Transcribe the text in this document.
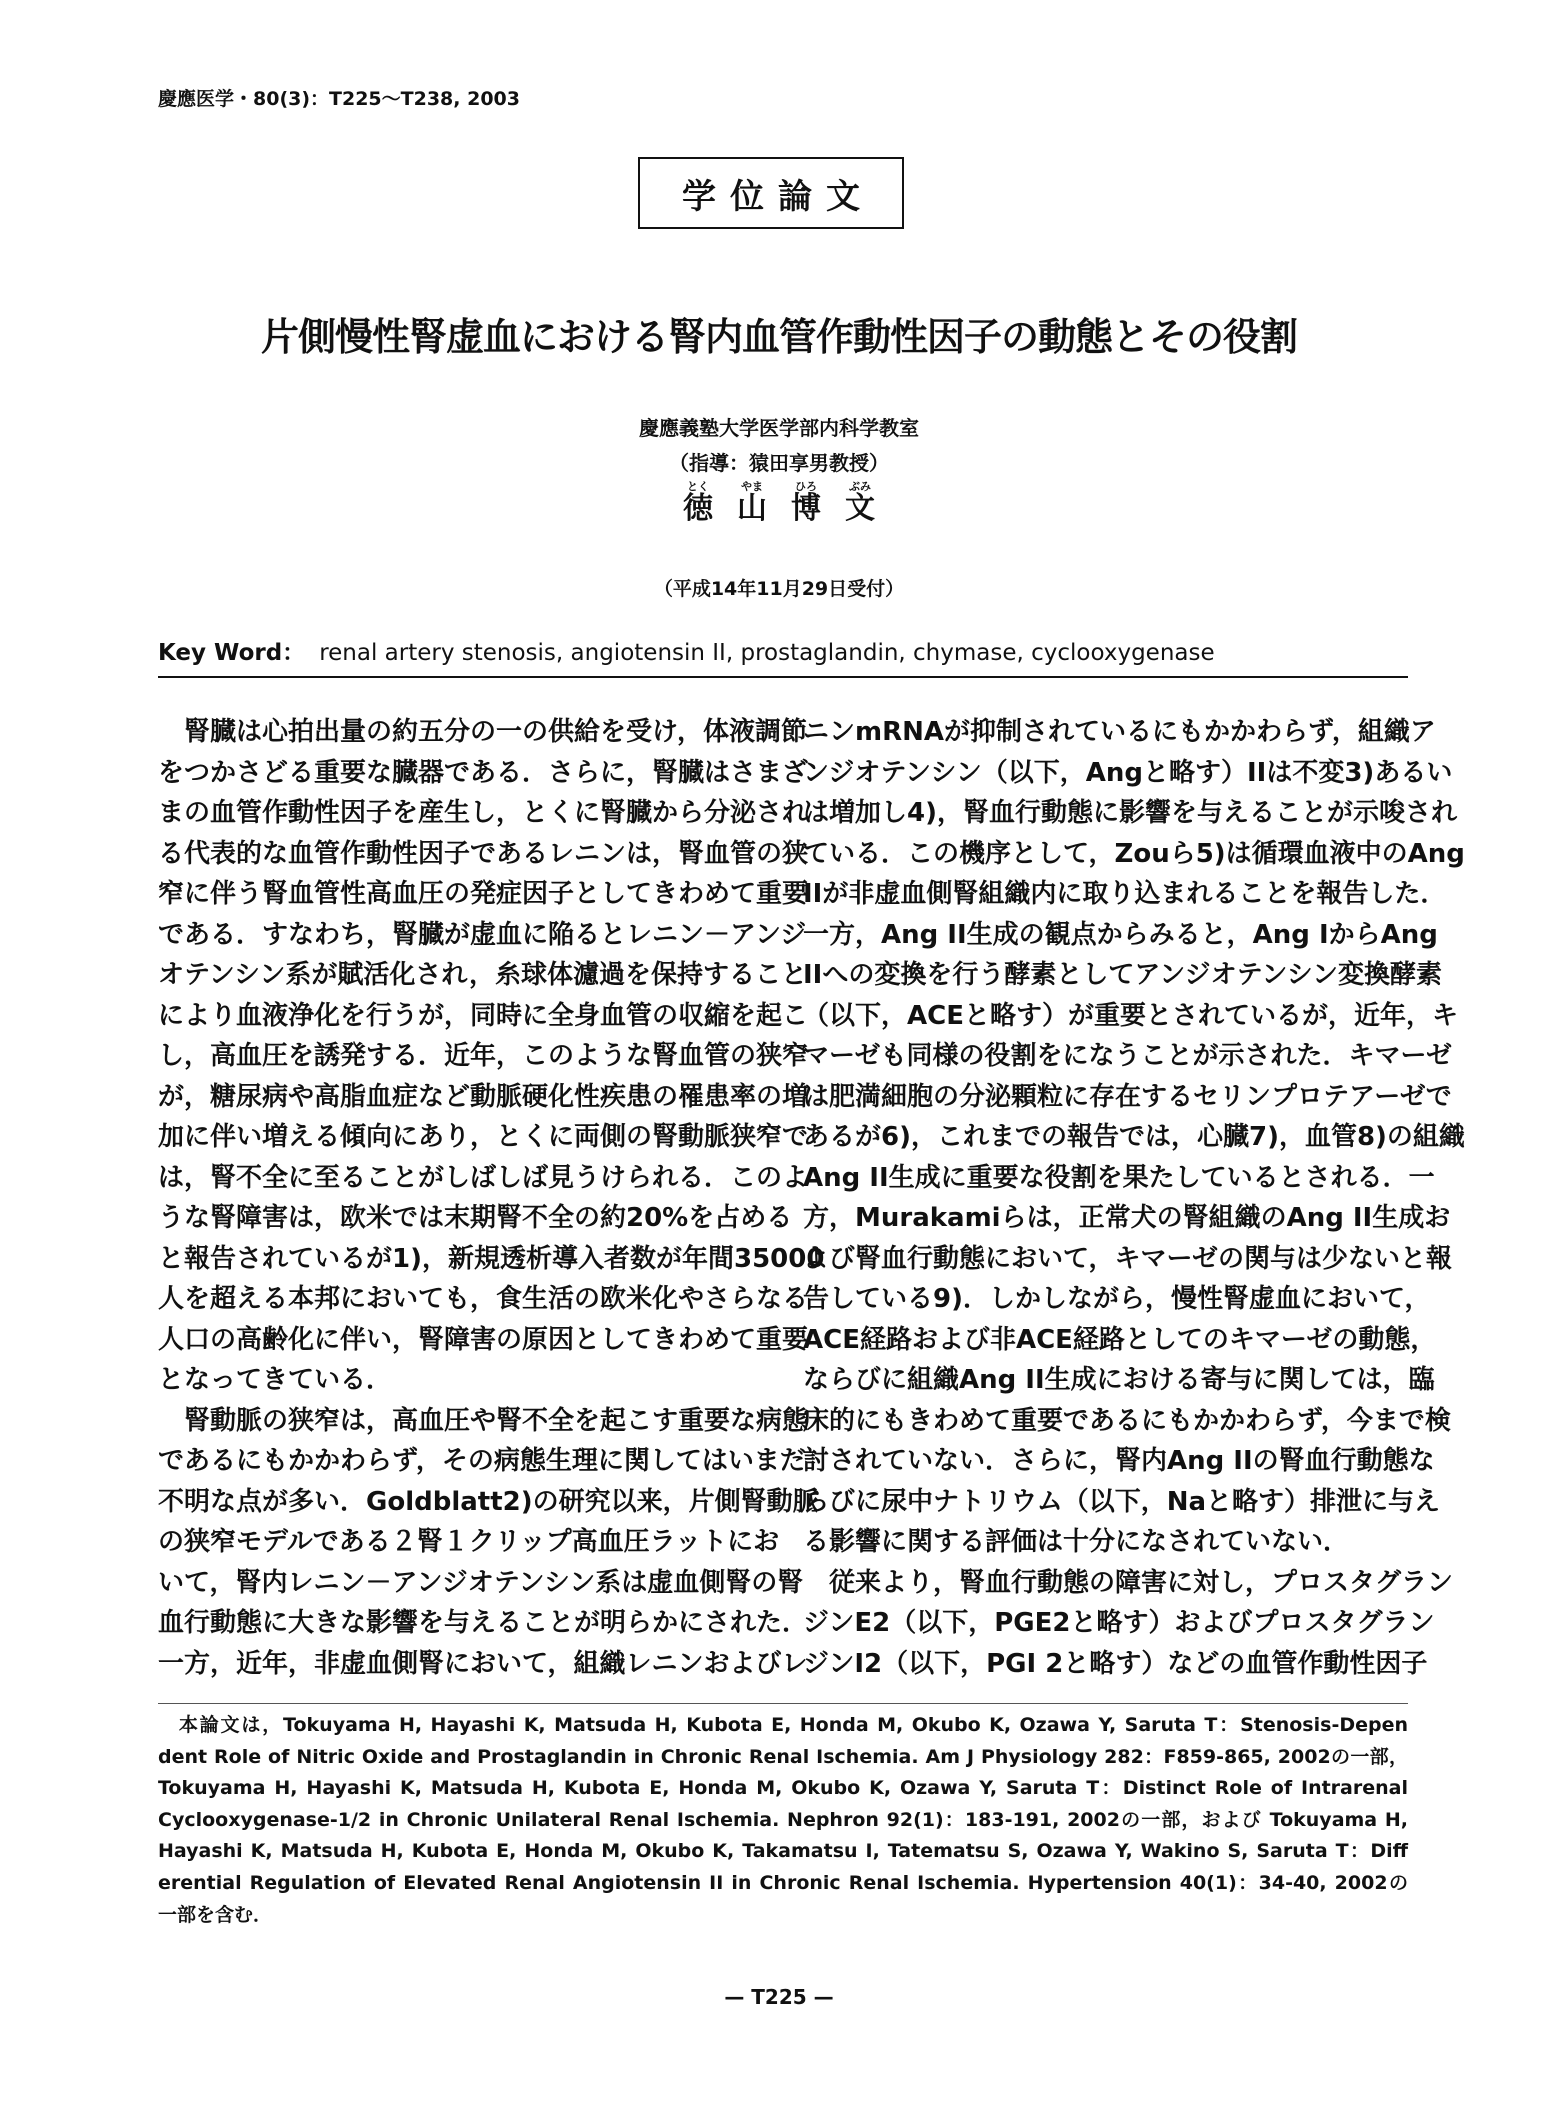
慶應医学・80(3)：T225〜T238, 2003
学位論文
片側慢性腎虚血における腎内血管作動性因子の動態とその役割
慶應義塾大学医学部内科学教室
（指導：猿田享男教授）
とく
徳
やま
山
ひろ
博
ぶみ
文
（平成14年11月29日受付）
Key Word： renal artery stenosis, angiotensin II, prostaglandin, chymase, cyclooxygenase
　腎臓は心拍出量の約五分の一の供給を受け，体液調節
をつかさどる重要な臓器である．さらに，腎臓はさまざ
まの血管作動性因子を産生し，とくに腎臓から分泌され
る代表的な血管作動性因子であるレニンは，腎血管の狭
窄に伴う腎血管性高血圧の発症因子としてきわめて重要
である．すなわち，腎臓が虚血に陥るとレニン－アンジ
オテンシン系が賦活化され，糸球体濾過を保持すること
により血液浄化を行うが，同時に全身血管の収縮を起こ
し，高血圧を誘発する．近年，このような腎血管の狭窄
が，糖尿病や高脂血症など動脈硬化性疾患の罹患率の増
加に伴い増える傾向にあり，とくに両側の腎動脈狭窄で
は，腎不全に至ることがしばしば見うけられる．このよ
うな腎障害は，欧米では末期腎不全の約20%を占める
と報告されているが1)，新規透析導入者数が年間35000
人を超える本邦においても，食生活の欧米化やさらなる
人口の高齢化に伴い，腎障害の原因としてきわめて重要
となってきている．
　腎動脈の狭窄は，高血圧や腎不全を起こす重要な病態
であるにもかかわらず，その病態生理に関してはいまだ
不明な点が多い．Goldblatt2)の研究以来，片側腎動脈
の狭窄モデルである２腎１クリップ高血圧ラットにお
いて，腎内レニン－アンジオテンシン系は虚血側腎の腎
血行動態に大きな影響を与えることが明らかにされた．
一方，近年，非虚血側腎において，組織レニンおよびレ
ニンmRNAが抑制されているにもかかわらず，組織ア
ンジオテンシン（以下，Angと略す）IIは不変3)あるい
は増加し4)，腎血行動態に影響を与えることが示唆され
ている．この機序として，Zouら5)は循環血液中のAng
IIが非虚血側腎組織内に取り込まれることを報告した．
一方，Ang II生成の観点からみると，Ang IからAng
IIへの変換を行う酵素としてアンジオテンシン変換酵素
（以下，ACEと略す）が重要とされているが，近年，キ
マーゼも同様の役割をになうことが示された．キマーゼ
は肥満細胞の分泌顆粒に存在するセリンプロテアーゼで
あるが6)，これまでの報告では，心臓7)，血管8)の組織
Ang II生成に重要な役割を果たしているとされる．一
方，Murakamiらは，正常犬の腎組織のAng II生成お
よび腎血行動態において，キマーゼの関与は少ないと報
告している9)．しかしながら，慢性腎虚血において，
ACE経路および非ACE経路としてのキマーゼの動態，
ならびに組織Ang II生成における寄与に関しては，臨
床的にもきわめて重要であるにもかかわらず，今まで検
討されていない．さらに，腎内Ang IIの腎血行動態な
らびに尿中ナトリウム（以下，Naと略す）排泄に与え
る影響に関する評価は十分になされていない．
　従来より，腎血行動態の障害に対し，プロスタグラン
ジンE2（以下，PGE2と略す）およびプロスタグラン
ジンI2（以下，PGI 2と略す）などの血管作動性因子
　本論文は，Tokuyama H, Hayashi K, Matsuda H, Kubota E, Honda M, Okubo K, Ozawa Y, Saruta T：Stenosis-Depen
dent Role of Nitric Oxide and Prostaglandin in Chronic Renal Ischemia. Am J Physiology 282：F859-865, 2002の一部，
Tokuyama H, Hayashi K, Matsuda H, Kubota E, Honda M, Okubo K, Ozawa Y, Saruta T：Distinct Role of Intrarenal
Cyclooxygenase-1/2 in Chronic Unilateral Renal Ischemia. Nephron 92(1)：183-191, 2002の一部，および Tokuyama H,
Hayashi K, Matsuda H, Kubota E, Honda M, Okubo K, Takamatsu I, Tatematsu S, Ozawa Y, Wakino S, Saruta T：Diff
erential Regulation of Elevated Renal Angiotensin II in Chronic Renal Ischemia. Hypertension 40(1)：34-40, 2002の
一部を含む．
— T225 —
